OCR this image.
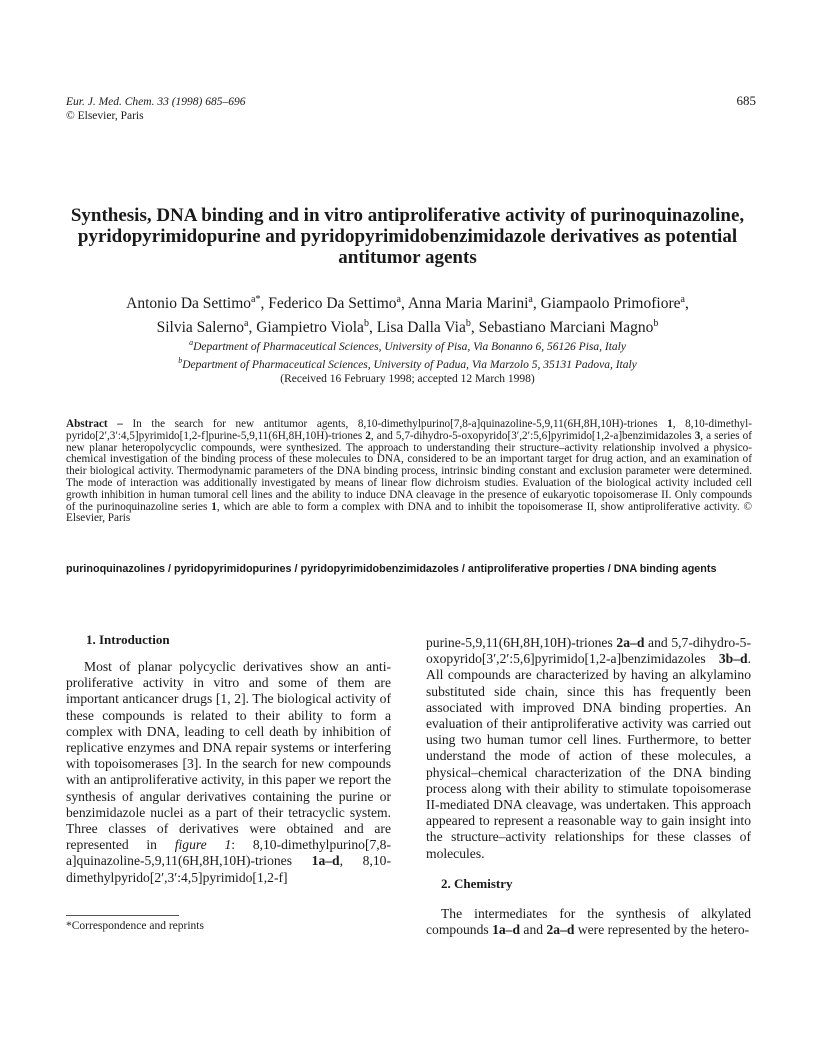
Eur. J. Med. Chem. 33 (1998) 685–696
© Elsevier, Paris
685
Synthesis, DNA binding and in vitro antiproliferative activity of purinoquinazoline, pyridopyrimidopurine and pyridopyrimidobenzimidazole derivatives as potential antitumor agents
Antonio Da Settimo$^{a*}$, Federico Da Settimo$^a$, Anna Maria Marini$^a$, Giampaolo Primofiore$^a$,
Silvia Salerno$^a$, Giampietro Viola$^b$, Lisa Dalla Via$^b$, Sebastiano Marciani Magno$^b$
$^a$Department of Pharmaceutical Sciences, University of Pisa, Via Bonanno 6, 56126 Pisa, Italy
$^b$Department of Pharmaceutical Sciences, University of Padua, Via Marzolo 5, 35131 Padova, Italy
(Received 16 February 1998; accepted 12 March 1998)
Abstract – In the search for new antitumor agents, 8,10-dimethylpurino[7,8-a]quinazoline-5,9,11(6H,8H,10H)-triones 1, 8,10-dimethyl-pyrido[2′,3′:4,5]pyrimido[1,2-f]purine-5,9,11(6H,8H,10H)-triones 2, and 5,7-dihydro-5-oxopyrido[3′,2′:5,6]pyrimido[1,2-a]benzimidazoles 3, a series of new planar heteropolycyclic compounds, were synthesized. The approach to understanding their structure–activity relationship involved a physico-chemical investigation of the binding process of these molecules to DNA, considered to be an important target for drug action, and an examination of their biological activity. Thermodynamic parameters of the DNA binding process, intrinsic binding constant and exclusion parameter were determined. The mode of interaction was additionally investigated by means of linear flow dichroism studies. Evaluation of the biological activity included cell growth inhibition in human tumoral cell lines and the ability to induce DNA cleavage in the presence of eukaryotic topoisomerase II. Only compounds of the purinoquinazoline series 1, which are able to form a complex with DNA and to inhibit the topoisomerase II, show antiproliferative activity. © Elsevier, Paris
purinoquinazolines / pyridopyrimidopurines / pyridopyrimidobenzimidazoles / antiproliferative properties / DNA binding agents
1. Introduction
Most of planar polycyclic derivatives show an anti-proliferative activity in vitro and some of them are important anticancer drugs [1, 2]. The biological activity of these compounds is related to their ability to form a complex with DNA, leading to cell death by inhibition of replicative enzymes and DNA repair systems or interfering with topoisomerases [3]. In the search for new compounds with an antiproliferative activity, in this paper we report the synthesis of angular derivatives containing the purine or benzimidazole nuclei as a part of their tetracyclic system. Three classes of derivatives were obtained and are represented in figure 1: 8,10-dimethylpurino[7,8-a]quinazoline-5,9,11(6H,8H,10H)-triones 1a–d, 8,10-dimethylpyrido[2′,3′:4,5]pyrimido[1,2-f]
purine-5,9,11(6H,8H,10H)-triones 2a–d and 5,7-dihydro-5-oxopyrido[3′,2′:5,6]pyrimido[1,2-a]benzimidazoles 3b–d. All compounds are characterized by having an alkylamino substituted side chain, since this has frequently been associated with improved DNA binding properties. An evaluation of their antiproliferative activity was carried out using two human tumor cell lines. Furthermore, to better understand the mode of action of these molecules, a physical–chemical characterization of the DNA binding process along with their ability to stimulate topoisomerase II-mediated DNA cleavage, was undertaken. This approach appeared to represent a reasonable way to gain insight into the structure–activity relationships for these classes of molecules.
2. Chemistry
The intermediates for the synthesis of alkylated compounds 1a–d and 2a–d were represented by the hetero-
*Correspondence and reprints
